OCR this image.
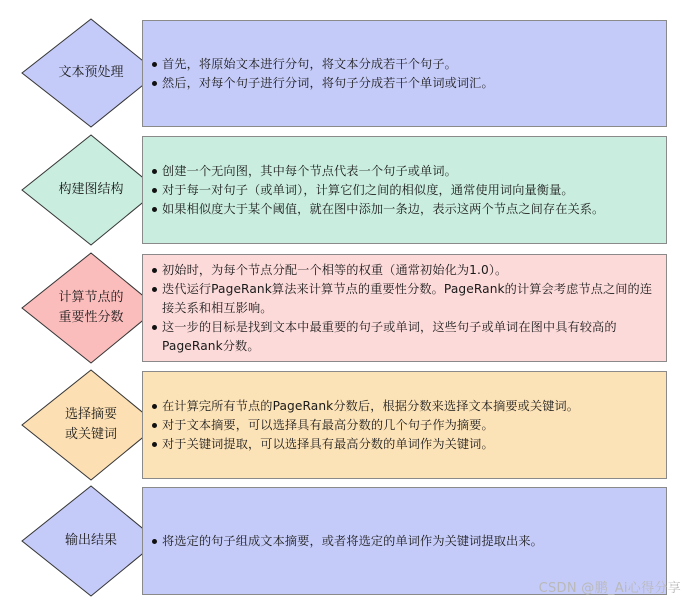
文本预处理
首先，将原始文本进行分句，将文本分成若干个句子。
然后，对每个句子进行分词，将句子分成若干个单词或词汇。
构建图结构
创建一个无向图，其中每个节点代表一个句子或单词。
对于每一对句子（或单词），计算它们之间的相似度，通常使用词向量衡量。
如果相似度大于某个阈值，就在图中添加一条边，表示这两个节点之间存在关系。
计算节点的
重要性分数
初始时，为每个节点分配一个相等的权重（通常初始化为1.0）。
迭代运行PageRank算法来计算节点的重要性分数。PageRank的计算会考虑节点之间的连接关系和相互影响。
这一步的目标是找到文本中最重要的句子或单词，这些句子或单词在图中具有较高的PageRank分数。
选择摘要
或关键词
在计算完所有节点的PageRank分数后，根据分数来选择文本摘要或关键词。
对于文本摘要，可以选择具有最高分数的几个句子作为摘要。
对于关键词提取，可以选择具有最高分数的单词作为关键词。
输出结果	将选定的句子组成文本摘要，或者将选定的单词作为关键词提取出来。
CSDN @鹏_Ai心得分享
